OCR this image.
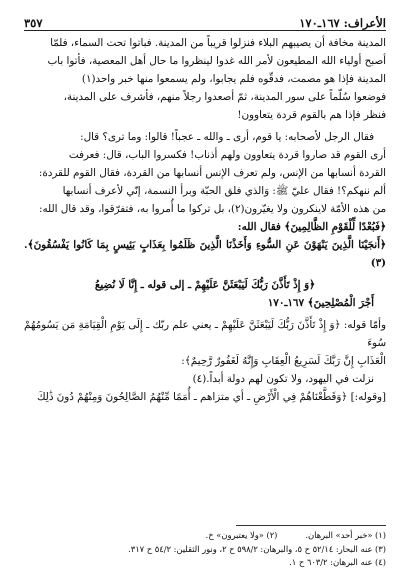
الأعراف: ١٦٧ـ١٧٠
٣٥٧

المدينة مخافة أن يصيبهم البلاء فنزلوا قريباً من المدينة. فباتوا تحت السماء، فلمّا

أصبح أولياء الله المطيعون لأمر الله غدوا لينظروا ما حال أهل المعصية، فأتوا باب

المدينة فإذا هو مصمت، فدقّوه فلم يجابوا، ولم يسمعوا منها خبر واحد(١)

فوضعوا سُلّماً على سور المدينة، ثمّ أصعدوا رجلاً منهم، فأشرف على المدينة،

فنظر فإذا هم بالقوم قردة يتعاوون!

فقال الرجل لأصحابه: يا قوم، أرى ـ والله ـ عجباً! قالوا: وما ترى؟ قال:

أرى القوم قد صاروا قردة يتعاوون ولهم أذناب! فكسروا الباب، قال: فعرفت

القردة أنسابها من الإنس، ولم تعرف الإنس أنسابها من القردة، فقال القوم للقردة:

ألم ننهكم؟! فقال عليّ ﷺ: وَالذي فلق الحبّة وبرأ النسمة، إنّي لأعرف أنسابها

من هذه الأمّة لاينكرون ولا يغيّرون(٢)، بل تركوا ما أُمروا به، فتفرّقوا، وقد قال الله:

﴿فَبُعْدًا لِّلْقَوْمِ الظَّالِمِينَ﴾ فقال الله:

﴿أَنجَيْنَا الَّذِينَ يَنْهَوْنَ عَنِ السُّوءِ وَأَخَذْنَا الَّذِينَ ظَلَمُوا بِعَذَابٍ بَئِيسٍ بِمَا كَانُوا يَفْسُقُونَ﴾.(٣)

﴿وَ إِذْ تَأَذَّنَ رَبُّكَ لَيَبْعَثَنَّ عَلَيْهِمْ ـ إلى قوله ـ إِنَّا لَا نُضِيعُ

أَجْرَ الْمُصْلِحِينَ﴾ ١٦٧ـ١٧٠

وأمّا قوله: ﴿وَ إِذْ تَأَذَّنَ رَبُّكَ لَيَبْعَثَنَّ عَلَيْهِمْ ـ يعني علم ربّك ـ إِلَى يَوْمِ الْقِيَامَةِ مَن يَسُومُهُمْ سُوءَ

الْعَذَابِ إِنَّ رَبَّكَ لَسَرِيعُ الْعِقَابِ وَإِنَّهُ لَغَفُورٌ رَّحِيمٌ﴾:

نزلت في اليهود، ولا تكون لهم دولة أبداً.(٤)

[وقوله:] ﴿وَقَطَّعْنَاهُمْ فِي الْأَرْضِ ـ أي متزاهم ـ أُمَمًا مِّنْهُمُ الصَّالِحُونَ وَمِنْهُمْ دُونَ ذَٰلِكَ

(١) «خبر أحد» البرهان.

(٢) «ولا يعتبرون» خ.

(٣) عنه البحار: ٥٢/١٤ ح ٥، والبرهان: ٥٩٨/٢ ح ٢، ونور الثقلين: ٥٤/٢ ح ٣١٧.

(٤) عنه البرهان: ٦٠٣/٢ ح ١.
